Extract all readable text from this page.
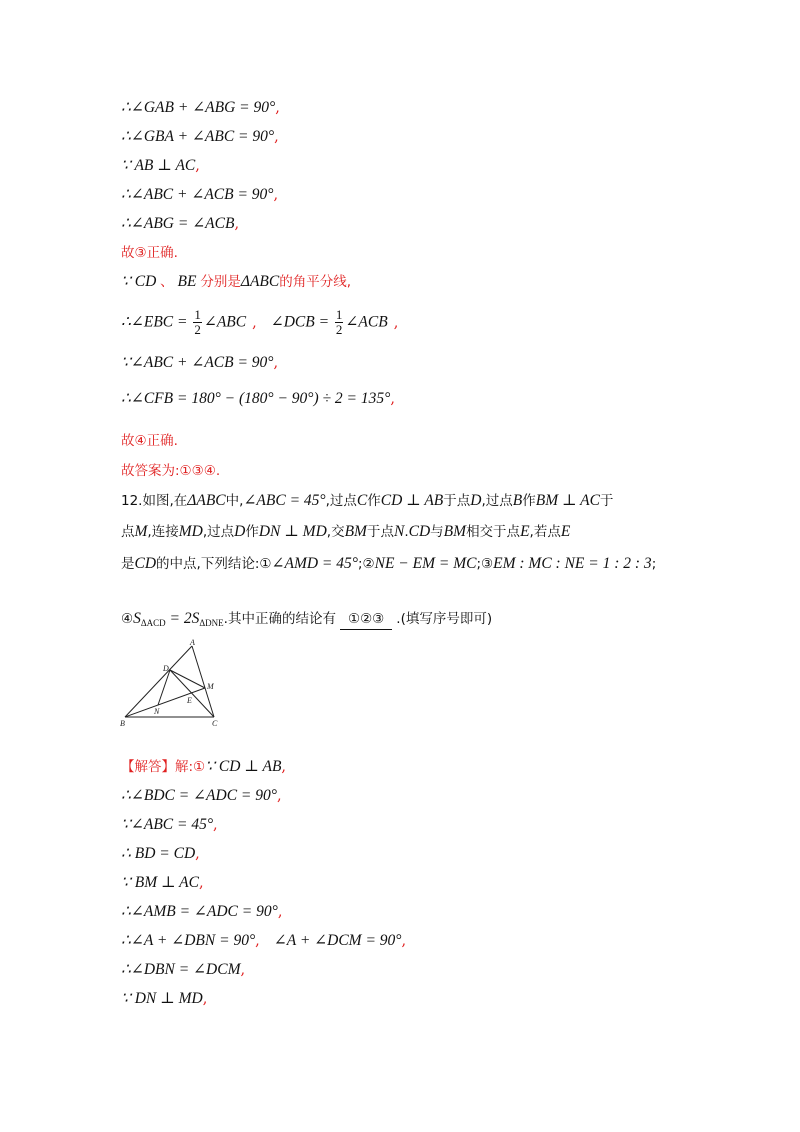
∴∠GAB + ∠ABG = 90°,
∴∠GBA + ∠ABC = 90°,
∵ AB ⊥ AC,
∴∠ABC + ∠ACB = 90°,
∴∠ABG = ∠ACB,
故③正确.
∵ CD 、 BE 分别是ΔABC的角平分线,
∴∠EBC = $\frac{1}{2}$ ∠ABC , ∠DCB = $\frac{1}{2}$ ∠ACB ,
∵∠ABC + ∠ACB = 90°,
∴∠CFB = 180° − (180° − 90°) ÷ 2 = 135°,
故④正确.
故答案为:①③④.
12.如图,在ΔABC中,∠ABC = 45°,过点C作CD ⊥ AB于点D,过点B作BM ⊥ AC于
点M,连接MD,过点D作DN ⊥ MD,交BM于点N.CD与BM相交于点E,若点E
是CD的中点,下列结论:①∠AMD = 45°;②NE − EM = MC;③EM : MC : NE = 1 : 2 : 3;
$④S_{\Delta ACD} = 2S_{\Delta DNE}$.其中正确的结论有 ①②③ .(填写序号即可)
A
B	C
D
M
E
N
【解答】解:①∵ CD ⊥ AB,
∴∠BDC = ∠ADC = 90°,
∵∠ABC = 45°,
∴ BD = CD,
∵ BM ⊥ AC,
∴∠AMB = ∠ADC = 90°,
∴∠A + ∠DBN = 90°, ∠A + ∠DCM = 90°,
∴∠DBN = ∠DCM,
∵ DN ⊥ MD,
